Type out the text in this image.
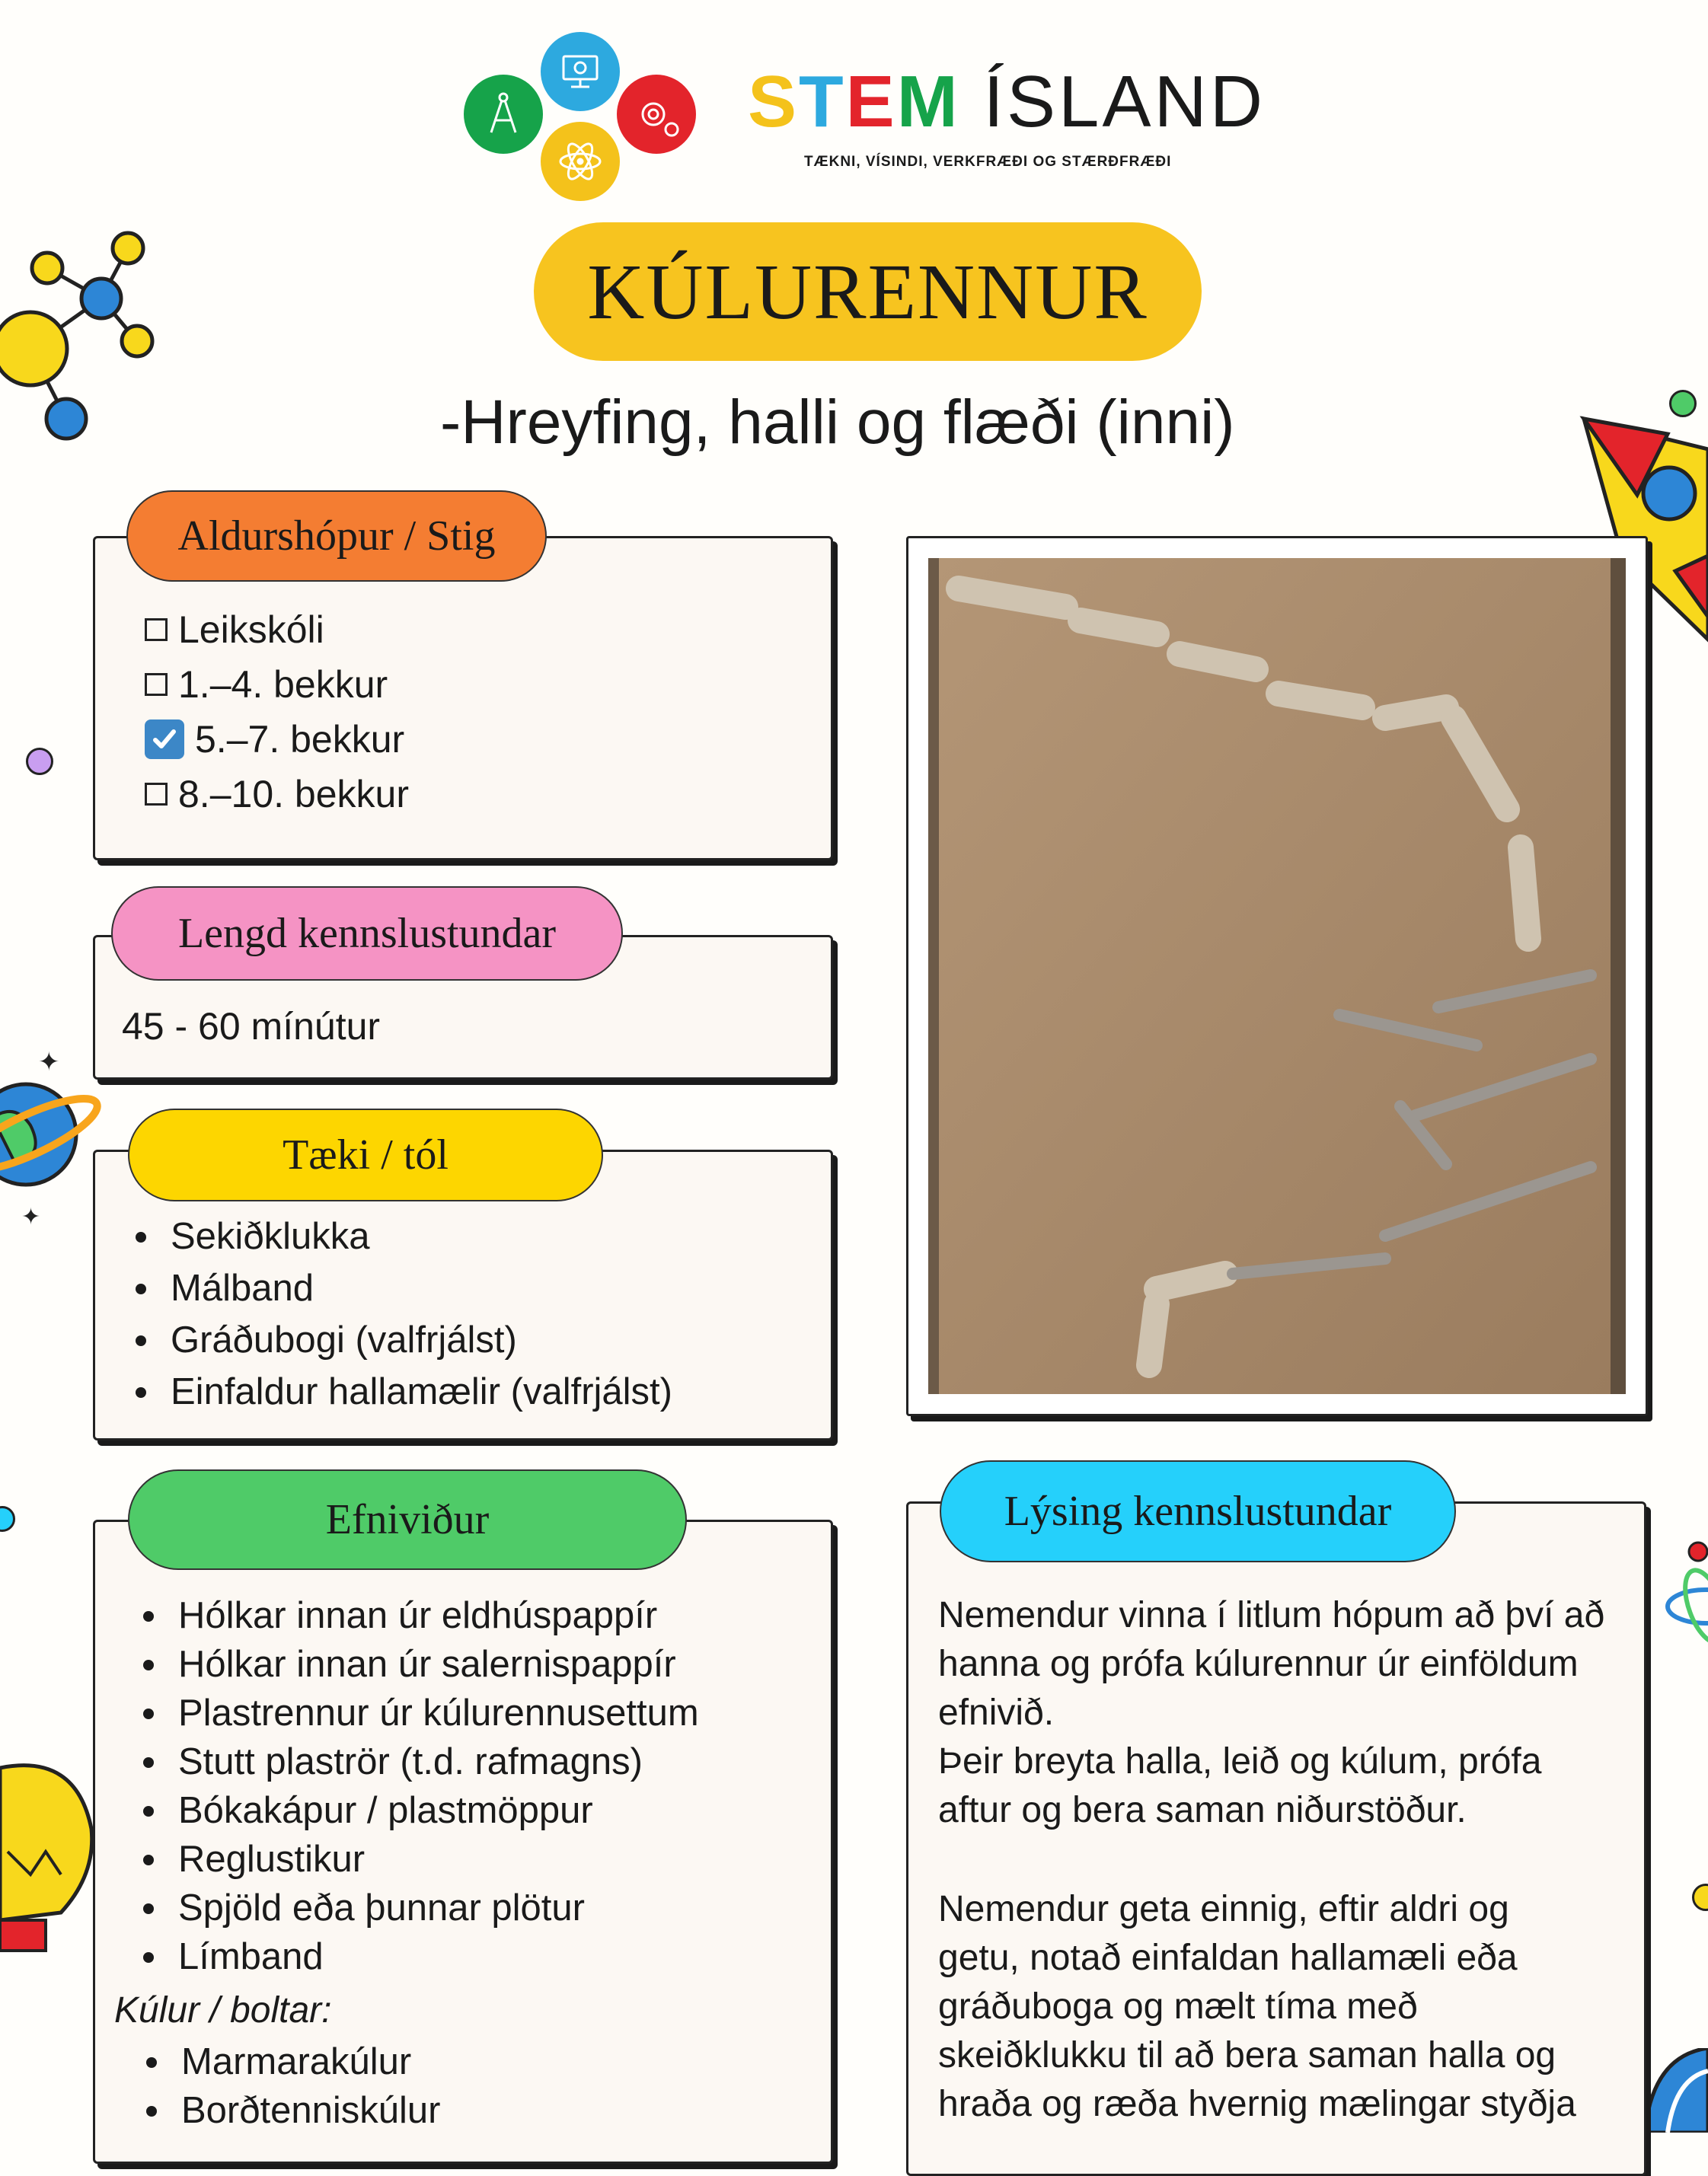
STEM ÍSLAND
TÆKNI, VÍSINDI, VERKFRÆÐI OG STÆRÐFRÆÐI
KÚLURENNUR
-Hreyfing, halli og flæði (inni)
✦
✦
Aldurshópur / Stig
Leikskóli
1.–4. bekkur
5.–7. bekkur
8.–10. bekkur
Lengd kennslustundar
45 - 60 mínútur
Tæki / tól
Sekiðklukka
Málband
Gráðubogi (valfrjálst)
Einfaldur hallamælir (valfrjálst)
Efniviður
Hólkar innan úr eldhúspappír
Hólkar innan úr salernispappír
Plastrennur úr kúlurennusettum
Stutt plaströr (t.d. rafmagns)
Bókakápur / plastmöppur
Reglustikur
Spjöld eða þunnar plötur
Límband
Kúlur / boltar:
Marmarakúlur
Borðtenniskúlur
Lýsing kennslustundar
Nemendur vinna í litlum hópum að því að
hanna og prófa kúlurennur úr einföldum
efnivið.
Þeir breyta halla, leið og kúlum, prófa
aftur og bera saman niðurstöður.
Nemendur geta einnig, eftir aldri og
getu, notað einfaldan hallamæli eða
gráðuboga og mælt tíma með
skeiðklukku til að bera saman halla og
hraða og ræða hvernig mælingar styðja
